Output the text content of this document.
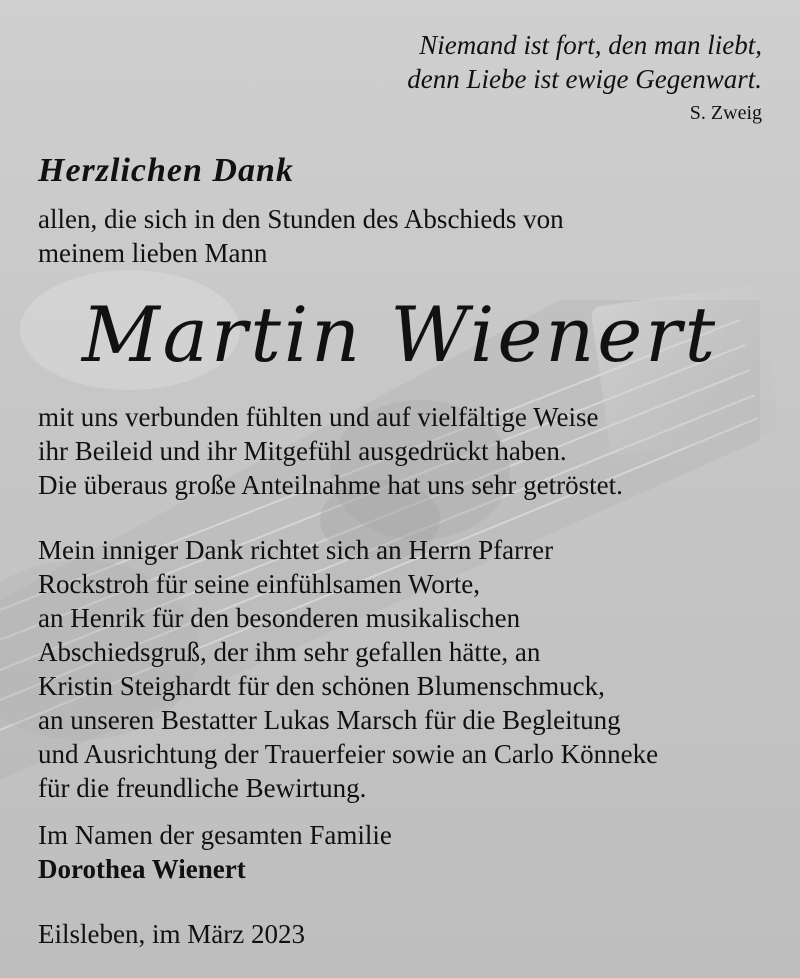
Niemand ist fort, den man liebt,
denn Liebe ist ewige Gegenwart.
S. Zweig
Herzlichen Dank
allen, die sich in den Stunden des Abschieds von
meinem lieben Mann
Martin Wienert
mit uns verbunden fühlten und auf vielfältige Weise
ihr Beileid und ihr Mitgefühl ausgedrückt haben.
Die überaus große Anteilnahme hat uns sehr getröstet.
Mein inniger Dank richtet sich an Herrn Pfarrer
Rockstroh für seine einfühlsamen Worte,
an Henrik für den besonderen musikalischen
Abschiedsgruß, der ihm sehr gefallen hätte, an
Kristin Steighardt für den schönen Blumenschmuck,
an unseren Bestatter Lukas Marsch für die Begleitung
und Ausrichtung der Trauerfeier sowie an Carlo Könneke
für die freundliche Bewirtung.
Im Namen der gesamten Familie
Dorothea Wienert
Eilsleben, im März 2023
